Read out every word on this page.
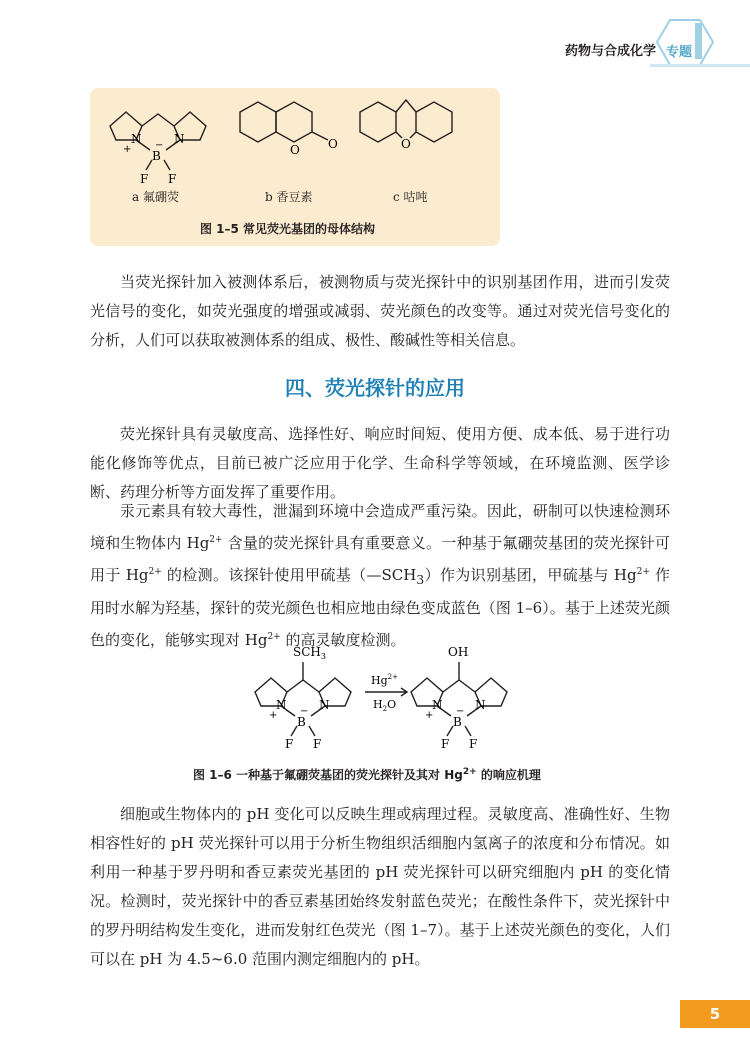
药物与合成化学 专题
N
B
N
+ −
F F
O O	O
a 氟硼荧	b 香豆素	c 咕吨
图 1–5 常见荧光基团的母体结构

当荧光探针加入被测体系后，被测物质与荧光探针中的识别基团作用，进而引发荧光信号的变化，如荧光强度的增强或减弱、荧光颜色的改变等。通过对荧光信号变化的分析，人们可以获取被测体系的组成、极性、酸碱性等相关信息。

四、荧光探针的应用

荧光探针具有灵敏度高、选择性好、响应时间短、使用方便、成本低、易于进行功能化修饰等优点，目前已被广泛应用于化学、生命科学等领域，在环境监测、医学诊断、药理分析等方面发挥了重要作用。

汞元素具有较大毒性，泄漏到环境中会造成严重污染。因此，研制可以快速检测环境和生物体内 $Hg^{2+}$ 含量的荧光探针具有重要意义。一种基于氟硼荧基团的荧光探针可用于 $Hg^{2+}$ 的检测。该探针使用甲硫基$(—SCH_3)$作为识别基团，甲硫基与 $Hg^{2+}$ 作用时水解为羟基，探针的荧光颜色也相应地由绿色变成蓝色（图 1–6）。基于上述荧光颜色的变化，能够实现对 $Hg^{2+}$ 的高灵敏度检测。

$SCH_3$	OH
$Hg^{2+}$
$H_2O$
N
B
N
+ −
F F
N
B
N
+ −
F F
图 1–6 一种基于氟硼荧基团的荧光探针及其对 $Hg^{2+}$ 的响应机理

细胞或生物体内的 pH 变化可以反映生理或病理过程。灵敏度高、准确性好、生物相容性好的 pH 荧光探针可以用于分析生物组织活细胞内氢离子的浓度和分布情况。如利用一种基于罗丹明和香豆素荧光基团的 pH 荧光探针可以研究细胞内 pH 的变化情况。检测时，荧光探针中的香豆素基团始终发射蓝色荧光；在酸性条件下，荧光探针中的罗丹明结构发生变化，进而发射红色荧光（图 1–7）。基于上述荧光颜色的变化，人们可以在 pH 为 4.5~6.0 范围内测定细胞内的 pH。

5
